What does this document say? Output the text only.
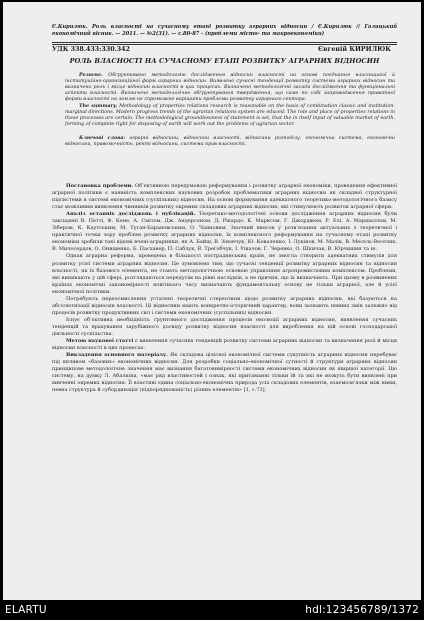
Є.Кирилюк. Роль власності на сучасному етапі розвитку аграрних відносин / Є.Кирилюк // Галицький економічний вісник. — 2011. — №2(31). — с.80-87 - (проблеми місто- та макроекономіки)
УДК 338.433:330.342	Євгеній КИРИЛЮК
РОЛЬ ВЛАСНОСТІ НА СУЧАСНОМУ ЕТАПІ РОЗВИТКУ АГРАРНИХ ВІДНОСИН
Резюме. Обґрунтовано методологію дослідження відносин власності на основі поєднання власницької й інституційно-організаційної форм аграрних відносин. Виявлено сучасні тенденції розвитку системи аграрних відносин та визначено роль і місце відносин власності в цих процесах. Визначено методологічні засади дослідження та функціональні аспекти власності. Визначено методологічне обґрунтування твердження, що саме по собі запровадження приватної форми власності на землю не спроможне вирішити проблеми розвитку аграрного сектора.
The summary. Methodology of properties relations research is reasonable on the basis of combination classic and institution-marginal directions. Modern progress trends of the agrarian relations system are educed. The role and place of properties relations in these processes are certain. The methodological groundlessness of statement is set, that the in itself input of valuable market of earth, forming of complete right for disposing of earth will work out the problems of agrarian sector.
Ключові слова: аграрні відносини, відносини власності, відносини розподілу, економічна система, економічні відносини, правомочність, ренті відносини, система прав власності.
Постановка проблеми. Об’єктивною передумовою реформування і розвитку аграрної економіки, проведення ефективної аграрної політики є наявність комплексних наукових розробок проблематики аграрних відносин як складної структурної підсистеми в системі економічних (суспільних) відносин. На основі формування адекватного теоретико-методологічного базису стає можливим виявлення чинників розвитку окремих складових аграрних відносин, які стимулюють розвиток аграрної сфери.
Аналіз останніх досліджень і публікацій. Теоретико-методологічні основи дослідження аграрних відносин були закладені В. Петті, Ф. Кене, А. Смітом, Дж. Андерсоном, Д. Рікардо, К. Марксом, Г. Джорджем, Р. Елі, А. Маршаллом, М. Зібером, К. Каутським, М. Туган-Барановським, О. Чаяновим. Значний внесок у розв’язання актуальних з теоретичної і практичної точки зору проблем розвитку аграрних відносин, їх комплексного реформування на сучасному етапі розвитку економіки зробили такі відомі вчені-аграрники, як А. Байш, В. Зіновчук, Ю. Коваленко, І. Лукінов, М. Малік, В. Месель-Веселяк, В. Милосердов, О. Онищенко, Б. Пасхавер, П. Саблук, В. Трегобчук, І. Ушачов, Г. Черевко, О. Шпичак, В. Юрчишин та ін.
Однак аграрна реформа, проведена в більшості пострадянських країн, не змогла створити адекватних стимулів для розвитку усієї системи аграрних відносин. Це зумовлено тим, що сучасні тенденції розвитку аграрних відносин та відносин власності, як їх базового елемента, не стають методологічною основою управління агропромисловим комплексом. Проблеми, які виникають у цій сфері, розглядаються передусім на рівні наслідків, а не причин, що їх визначають. При цьому в розвинених країнах економічні закономірності новітнього часу визначають фундаментальну основу не тільки аграрної, але й усієї економічної політики.
Потребують переосмислення усталені теоретичні стереотипи щодо розвитку аграрних відносин, які базуються на абсолютизації відносин власності. Ці відносини мають конкретно-історичний характер, вони зазнають певних змін залежно від процесів розвитку продуктивних сил і системи економічних (суспільних) відносин.
Існує об’єктивна необхідність ґрунтовного дослідження процесів еволюції аграрних відносин, виявлення сучасних тенденцій та врахування зарубіжного досвіду розвитку відносин власності для вироблення на цій основі господарської діяльності суспільства.
Метою наукової статті є виявлення сучасних тенденцій розвитку системи аграрних відносин та визначення ролі й місця відносин власності в цих процесах.
Викладення основного матеріалу. Як складова цілісної економічної системи сукупність аграрних відносин перебуває під впливом «базових» економічних відносин. Для розробки соціально-економічної сутності й структури аграрних відносин принципове методологічне значення має визнання багатовимірності системи економічних відносин як ширшої категорії. Цю систему, на думку Л. Абалкіна, «має ряд властивостей і ознак, які притаманні тільки їй та які не можуть бути виявлені при вивченні окремих відносин. Її властиві єдина соціально-економічна природа усіх складових елементів, взаємозв’язки між ними, певна структура й субординація (підпорядкованість) різних елементів» [1, с.73].
ELARTU	hdl:123456789/1372
